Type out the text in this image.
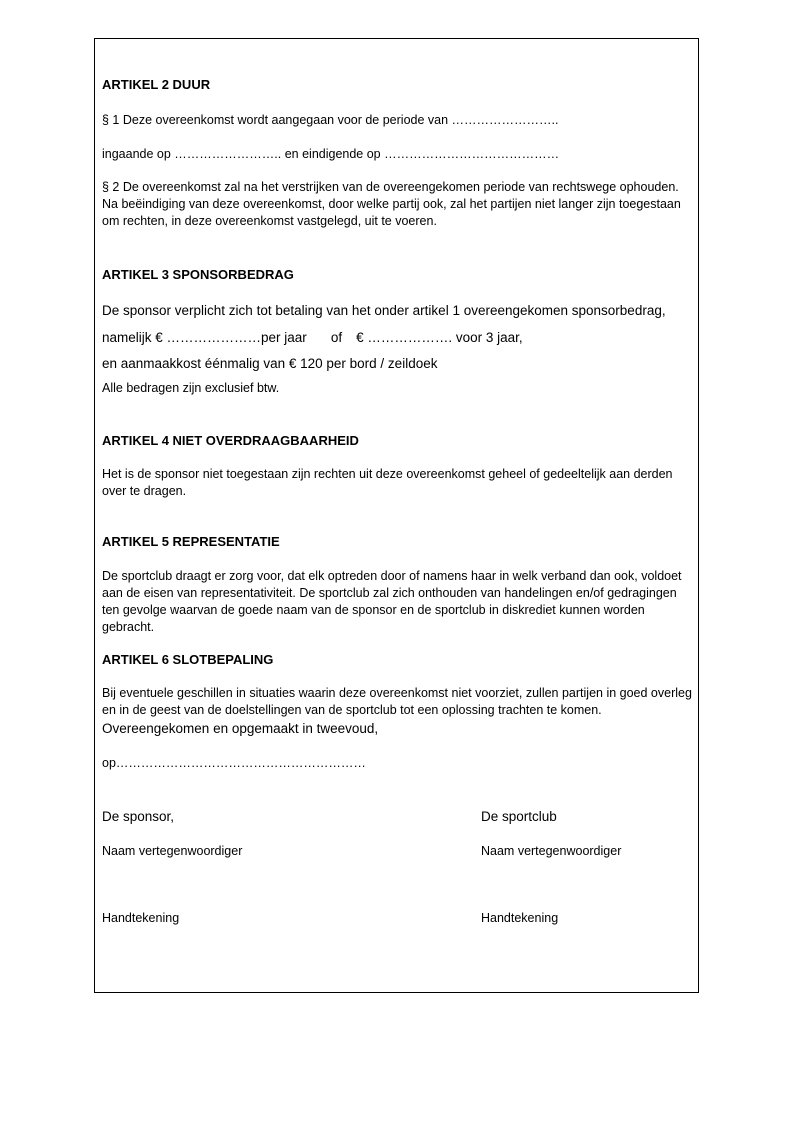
ARTIKEL 2 DUUR
§ 1 Deze overeenkomst wordt aangegaan voor de periode van ……………………..
ingaande op …………………….. en eindigende op ……………………………………
§ 2 De overeenkomst zal na het verstrijken van de overeengekomen periode van rechtswege ophouden. Na beëindiging van deze overeenkomst, door welke partij ook, zal het partijen niet langer zijn toegestaan om rechten, in deze overeenkomst vastgelegd, uit te voeren.
ARTIKEL 3 SPONSORBEDRAG
De sponsor verplicht zich tot betaling van het onder artikel 1 overeengekomen sponsorbedrag,
namelijk € …………………per jaar of € ………………. voor 3 jaar,
en aanmaakkost éénmalig van € 120 per bord / zeildoek
Alle bedragen zijn exclusief btw.
ARTIKEL 4 NIET OVERDRAAGBAARHEID
Het is de sponsor niet toegestaan zijn rechten uit deze overeenkomst geheel of gedeeltelijk aan derden over te dragen.
ARTIKEL 5 REPRESENTATIE
De sportclub draagt er zorg voor, dat elk optreden door of namens haar in welk verband dan ook, voldoet aan de eisen van representativiteit. De sportclub zal zich onthouden van handelingen en/of gedragingen ten gevolge waarvan de goede naam van de sponsor en de sportclub in diskrediet kunnen worden gebracht.
ARTIKEL 6 SLOTBEPALING
Bij eventuele geschillen in situaties waarin deze overeenkomst niet voorziet, zullen partijen in goed overleg en in de geest van de doelstellingen van de sportclub tot een oplossing trachten te komen.
Overeengekomen en opgemaakt in tweevoud,
op……………………………………………………
De sponsor,	De sportclub
Naam vertegenwoordiger	Naam vertegenwoordiger
Handtekening	Handtekening
